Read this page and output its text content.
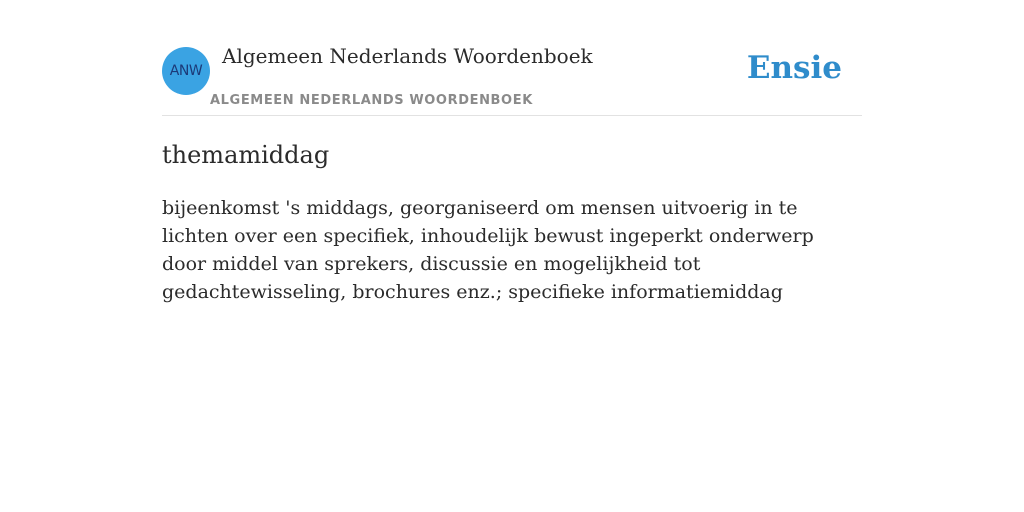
ANW
Algemeen Nederlands Woordenboek
ALGEMEEN NEDERLANDS WOORDENBOEK
Ensie
themamiddag

bijeenkomst 's middags, georganiseerd om mensen uitvoerig in te lichten over een specifiek, inhoudelijk bewust ingeperkt onderwerp door middel van sprekers, discussie en mogelijkheid tot gedachtewisseling, brochures enz.; specifieke informatiemiddag
